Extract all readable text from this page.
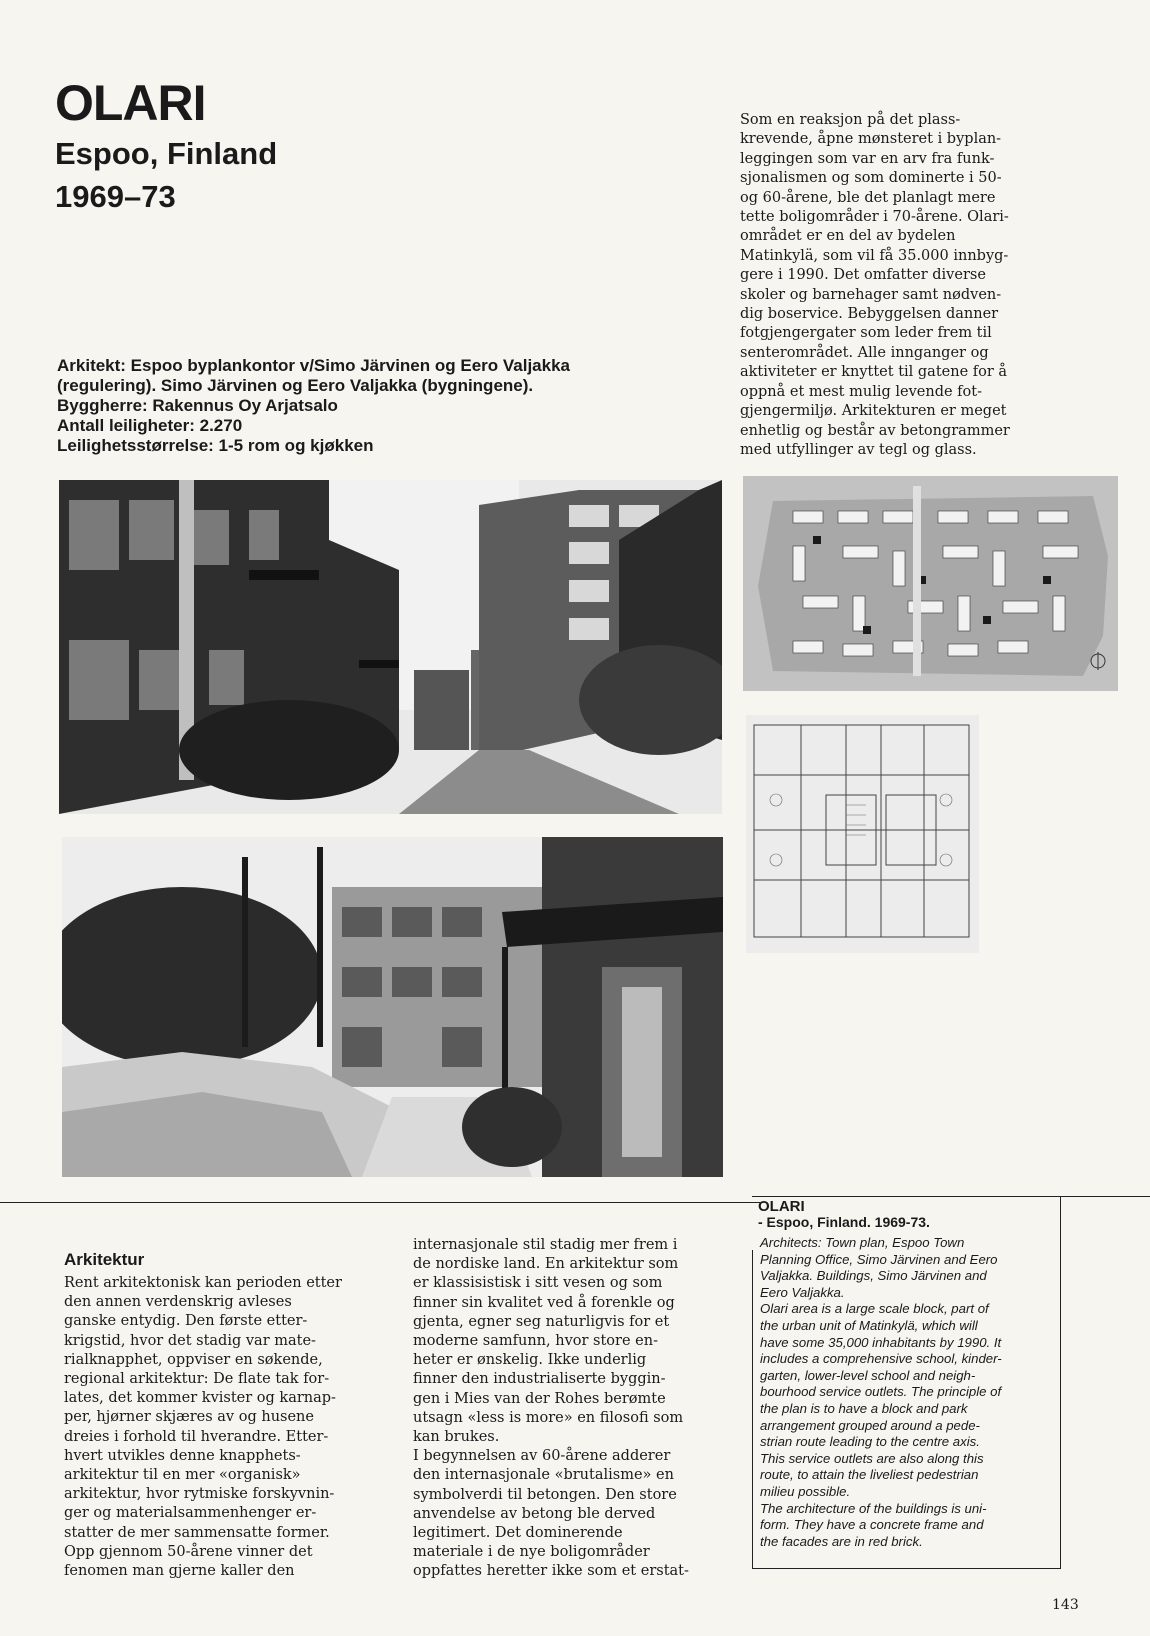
OLARI
Espoo, Finland
1969–73
Arkitekt: Espoo byplankontor v/Simo Järvinen og Eero Valjakka
(regulering). Simo Järvinen og Eero Valjakka (bygningene).
Byggherre: Rakennus Oy Arjatsalo
Antall leiligheter: 2.270
Leilighetsstørrelse: 1-5 rom og kjøkken
Som en reaksjon på det plass-
krevende, åpne mønsteret i byplan-
leggingen som var en arv fra funk-
sjonalismen og som dominerte i 50-
og 60-årene, ble det planlagt mere
tette boligområder i 70-årene. Olari-
området er en del av bydelen
Matinkylä, som vil få 35.000 innbyg-
gere i 1990. Det omfatter diverse
skoler og barnehager samt nødven-
dig boservice. Bebyggelsen danner
fotgjengergater som leder frem til
senterområdet. Alle innganger og
aktiviteter er knyttet til gatene for å
oppnå et mest mulig levende fot-
gjengermiljø. Arkitekturen er meget
enhetlig og består av betongrammer
med utfyllinger av tegl og glass.
Arkitektur
Rent arkitektonisk kan perioden etter
den annen verdenskrig avleses
ganske entydig. Den første etter-
krigstid, hvor det stadig var mate-
rialknapphet, oppviser en søkende,
regional arkitektur: De flate tak for-
lates, det kommer kvister og karnap-
per, hjørner skjæres av og husene
dreies i forhold til hverandre. Etter-
hvert utvikles denne knapphets-
arkitektur til en mer «organisk»
arkitektur, hvor rytmiske forskyvnin-
ger og materialsammenhenger er-
statter de mer sammensatte former.
Opp gjennom 50-årene vinner det
fenomen man gjerne kaller den
internasjonale stil stadig mer frem i
de nordiske land. En arkitektur som
er klassisistisk i sitt vesen og som
finner sin kvalitet ved å forenkle og
gjenta, egner seg naturligvis for et
moderne samfunn, hvor store en-
heter er ønskelig. Ikke underlig
finner den industrialiserte byggin-
gen i Mies van der Rohes berømte
utsagn «less is more» en filosofi som
kan brukes.
I begynnelsen av 60-årene adderer
den internasjonale «brutalisme» en
symbolverdi til betongen. Den store
anvendelse av betong ble derved
legitimert. Det dominerende
materiale i de nye boligområder
oppfattes heretter ikke som et erstat-
OLARI
- Espoo, Finland. 1969-73.
Architects: Town plan, Espoo Town
Planning Office, Simo Järvinen and Eero
Valjakka. Buildings, Simo Järvinen and
Eero Valjakka.
Olari area is a large scale block, part of
the urban unit of Matinkylä, which will
have some 35,000 inhabitants by 1990. It
includes a comprehensive school, kinder-
garten, lower-level school and neigh-
bourhood service outlets. The principle of
the plan is to have a block and park
arrangement grouped around a pede-
strian route leading to the centre axis.
This service outlets are also along this
route, to attain the liveliest pedestrian
milieu possible.
The architecture of the buildings is uni-
form. They have a concrete frame and
the facades are in red brick.
143
